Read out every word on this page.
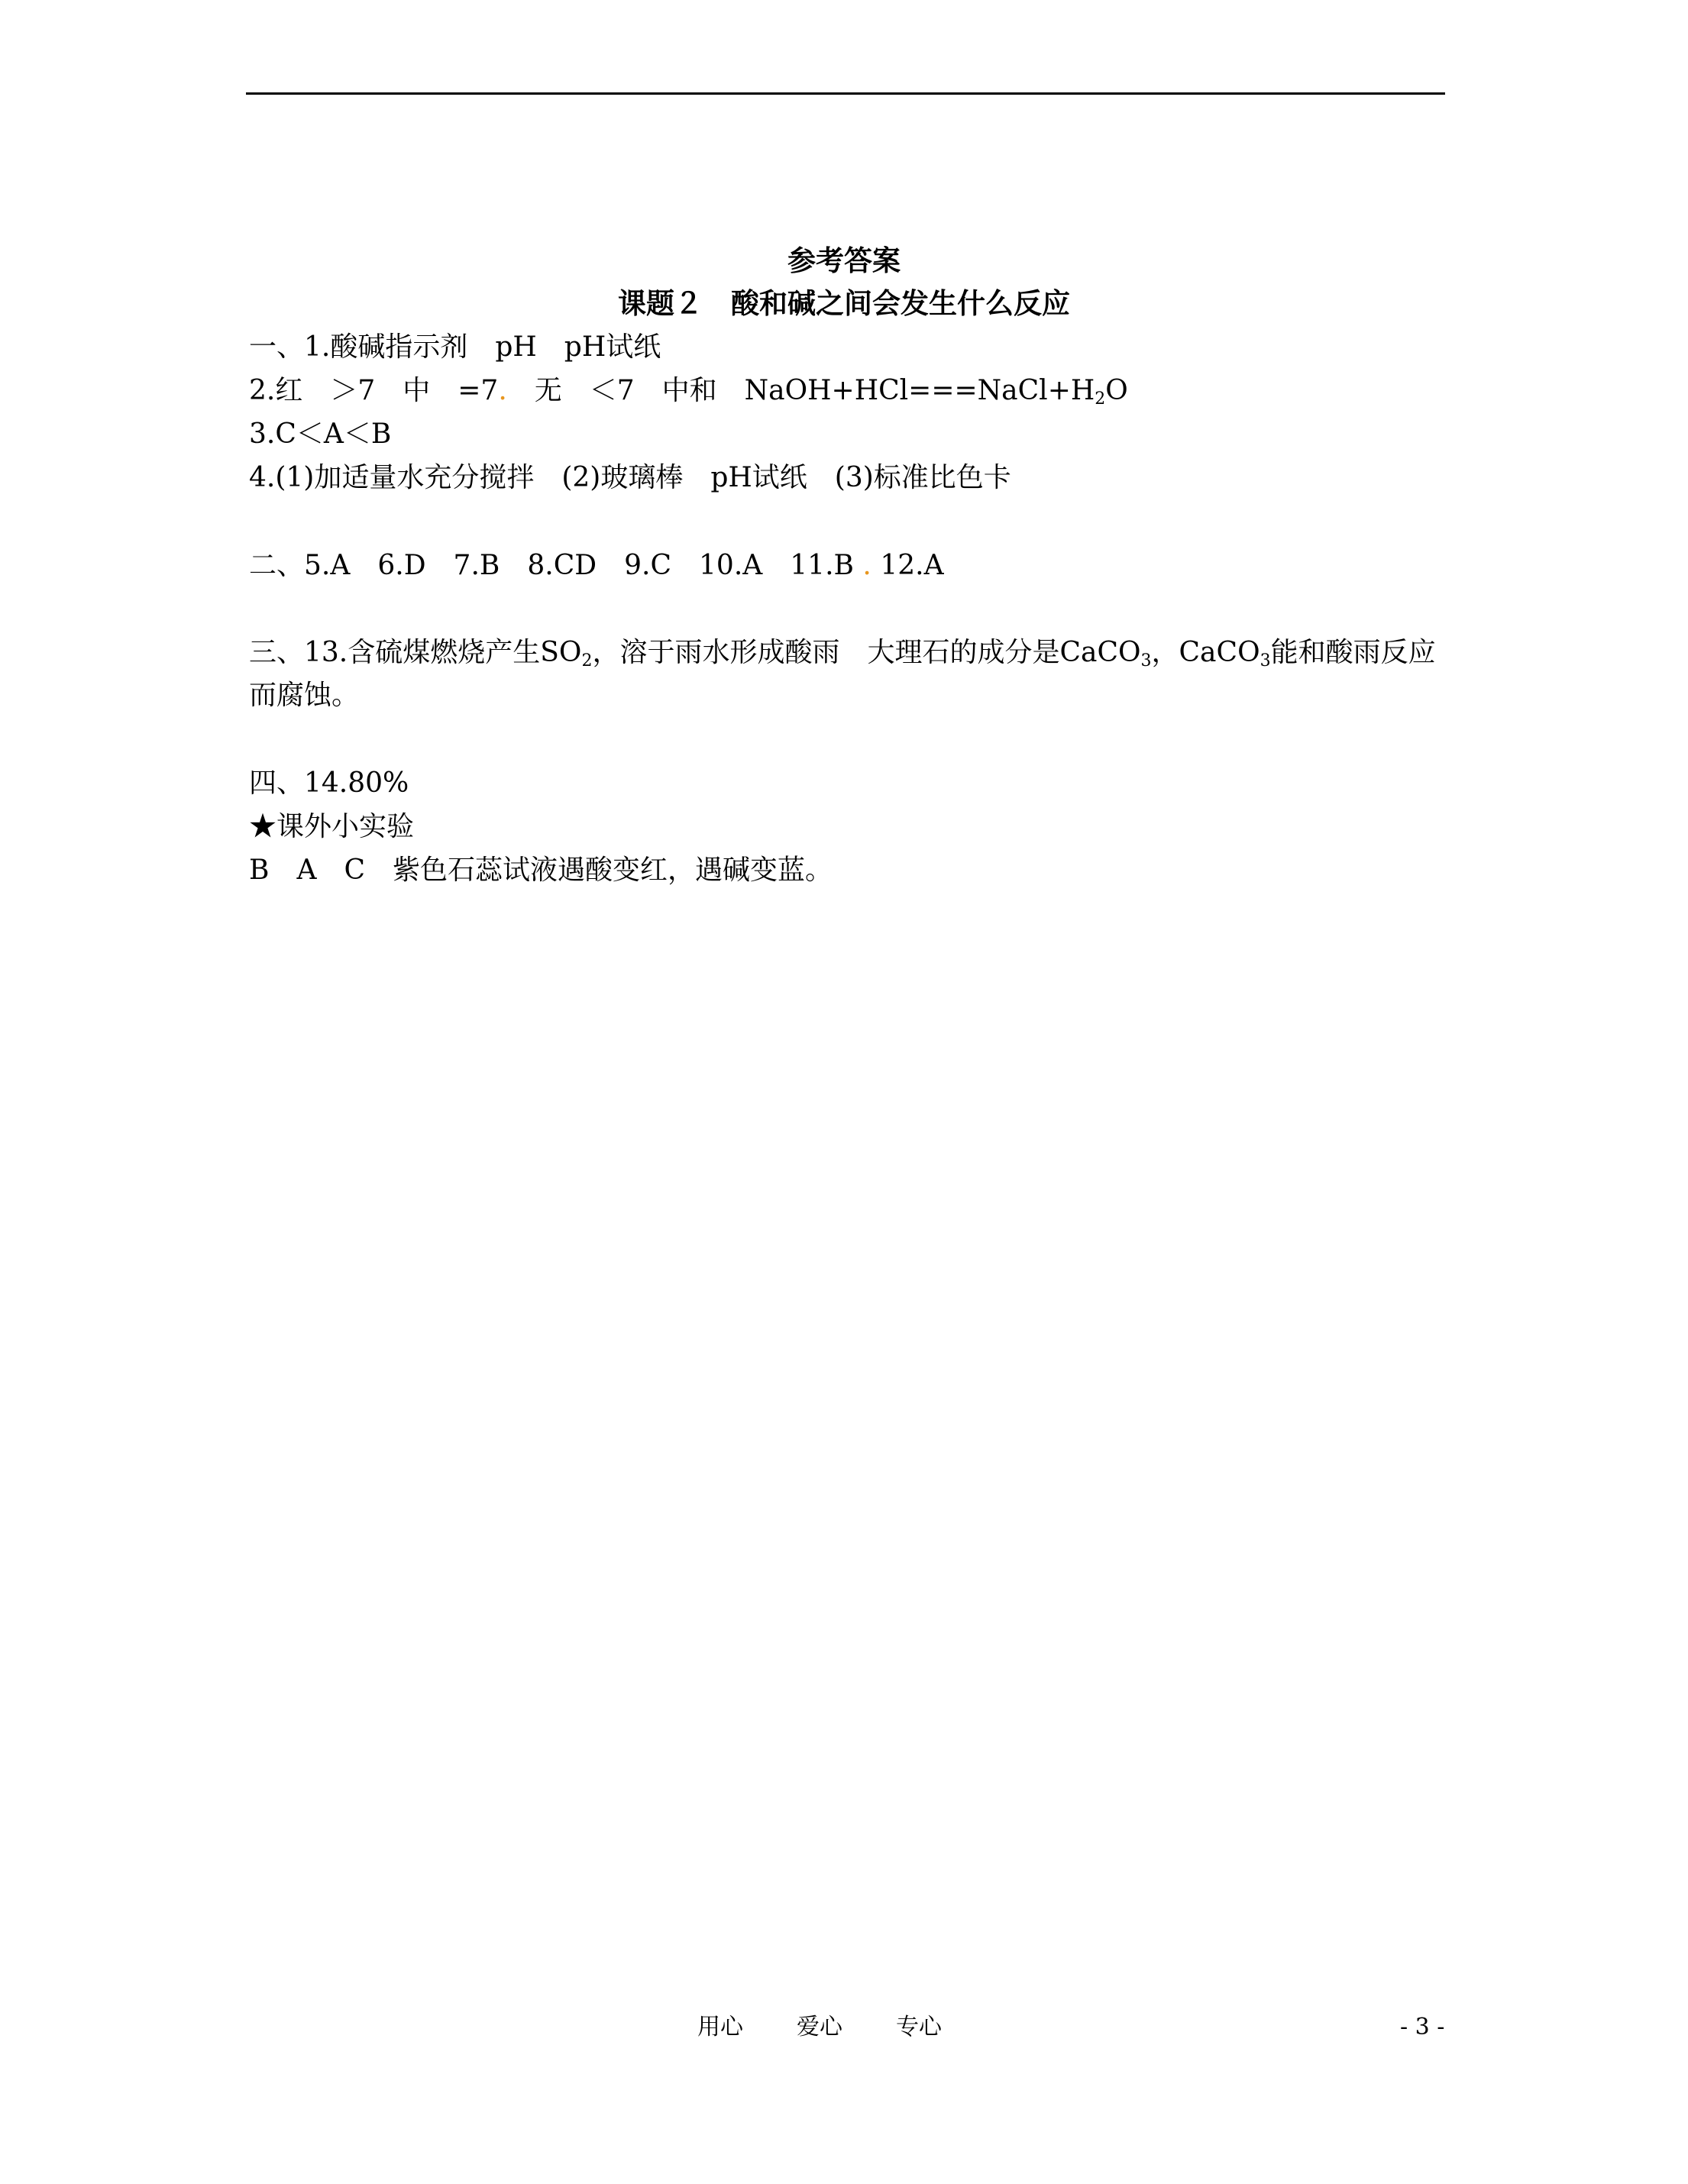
参考答案
课题２　酸和碱之间会发生什么反应
一、1.酸碱指示剂　pH　pH试纸
2.红　＞7　中　=7.　无　＜7　中和　$NaOH+HCl===NaCl+H_2O$
3.C＜A＜B
4.(1)加适量水充分搅拌　(2)玻璃棒　pH试纸　(3)标准比色卡
二、5.A　6.D　7.B　8.CD　9.C　10.A　11.B . 12.A
三、13.含硫煤燃烧产生$SO_2$，溶于雨水形成酸雨　大理石的成分是CaCO$_3$，CaCO$_3$能和酸雨反应
而腐蚀。
四、14.80%
★课外小实验
B　A　C　紫色石蕊试液遇酸变红，遇碱变蓝。
用心 爱心 专心	- 3 -
